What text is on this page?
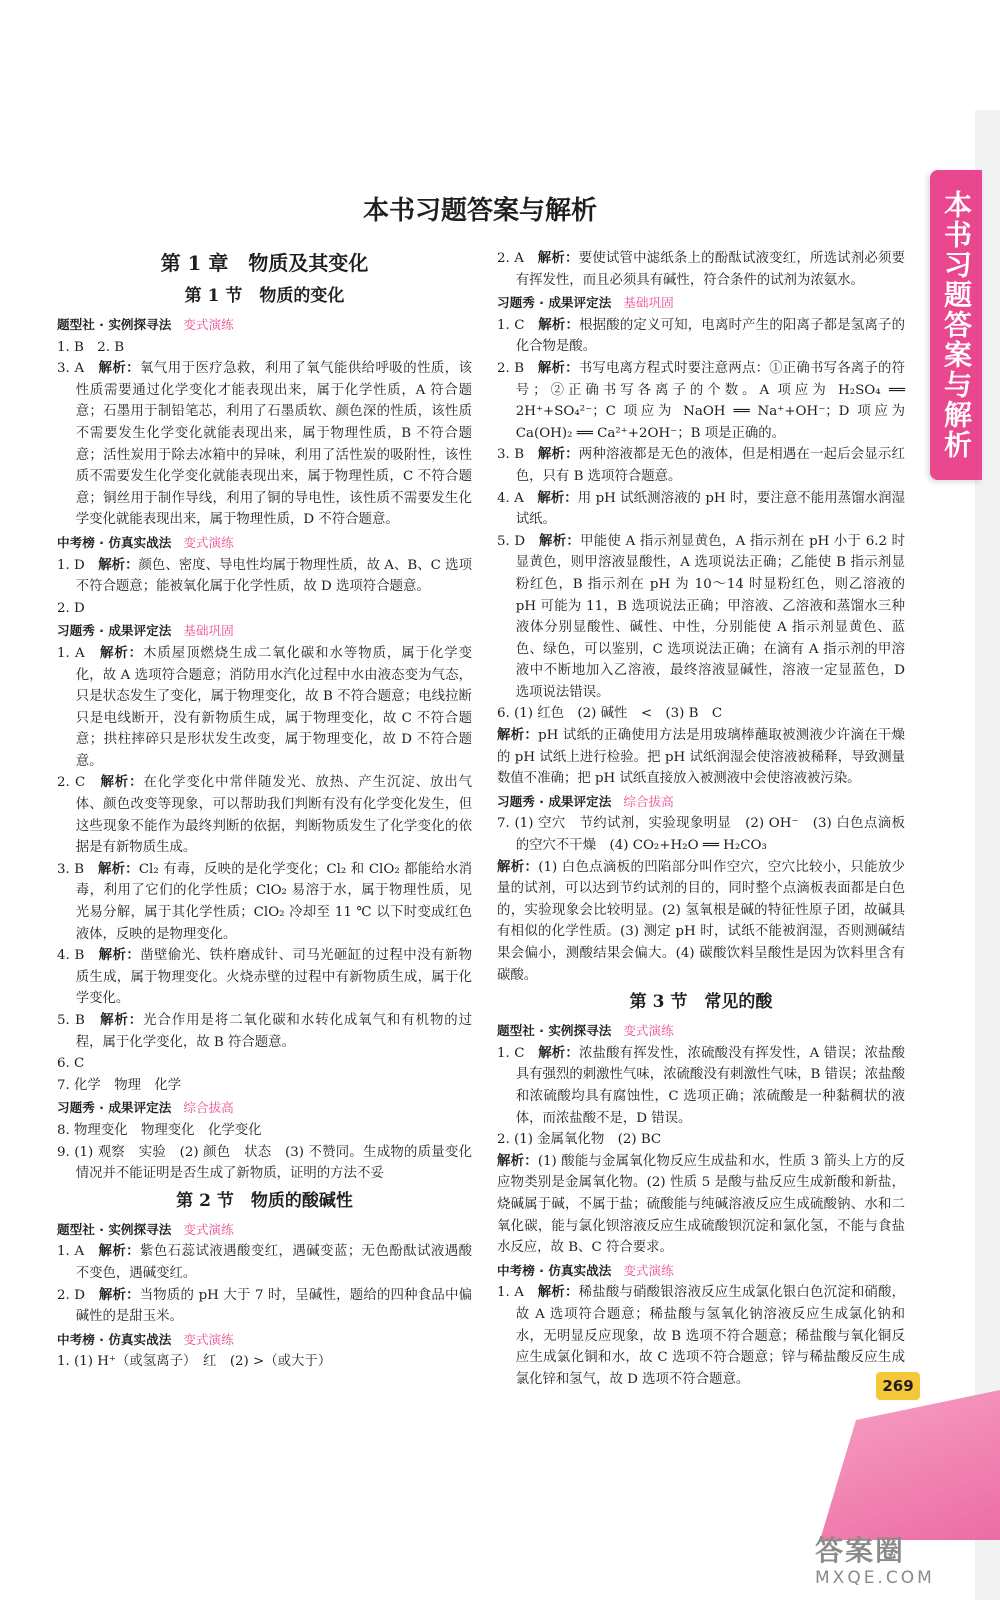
本书习题答案与解析
本书习题答案与解析
第 1 章　物质及其变化
第 1 节　物质的变化
题型社 · 实例探寻法 变式演练

1. B　2. B

3. A　 解析：氧气用于医疗急救，利用了氧气能供给呼吸的性质，该性质需要通过化学变化才能表现出来，属于化学性质，A 符合题意；石墨用于制铅笔芯，利用了石墨质软、颜色深的性质，该性质不需要发生化学变化就能表现出来，属于物理性质，B 不符合题意；活性炭用于除去冰箱中的异味，利用了活性炭的吸附性，该性质不需要发生化学变化就能表现出来，属于物理性质，C 不符合题意；铜丝用于制作导线，利用了铜的导电性，该性质不需要发生化学变化就能表现出来，属于物理性质，D 不符合题意。

中考榜 · 仿真实战法 变式演练

1. D　 解析：颜色、密度、导电性均属于物理性质，故 A、B、C 选项不符合题意；能被氧化属于化学性质，故 D 选项符合题意。

2. D

习题秀 · 成果评定法 基础巩固

1. A　 解析：木质屋顶燃烧生成二氧化碳和水等物质，属于化学变化，故 A 选项符合题意；消防用水汽化过程中水由液态变为气态，只是状态发生了变化，属于物理变化，故 B 不符合题意；电线拉断只是电线断开，没有新物质生成，属于物理变化，故 C 不符合题意；拱柱摔碎只是形状发生改变，属于物理变化，故 D 不符合题意。

2. C　 解析：在化学变化中常伴随发光、放热、产生沉淀、放出气体、颜色改变等现象，可以帮助我们判断有没有化学变化发生，但这些现象不能作为最终判断的依据，判断物质发生了化学变化的依据是有新物质生成。

3. B　 解析：Cl₂ 有毒，反映的是化学变化；Cl₂ 和 ClO₂ 都能给水消毒，利用了它们的化学性质；ClO₂ 易溶于水，属于物理性质，见光易分解，属于其化学性质；ClO₂ 冷却至 11 ℃ 以下时变成红色液体，反映的是物理变化。

4. B　 解析：凿壁偷光、铁杵磨成针、司马光砸缸的过程中没有新物质生成，属于物理变化。火烧赤壁的过程中有新物质生成，属于化学变化。

5. B　 解析：光合作用是将二氧化碳和水转化成氧气和有机物的过程，属于化学变化，故 B 符合题意。

6. C

7. 化学　物理　化学

习题秀 · 成果评定法 综合拔高

8. 物理变化　物理变化　化学变化

9. (1) 观察　实验　(2) 颜色　状态　(3) 不赞同。生成物的质量变化情况并不能证明是否生成了新物质，证明的方法不妥

第 2 节　物质的酸碱性
题型社 · 实例探寻法 变式演练

1. A　 解析：紫色石蕊试液遇酸变红，遇碱变蓝；无色酚酞试液遇酸不变色，遇碱变红。

2. D　 解析：当物质的 pH 大于 7 时，呈碱性，题给的四种食品中偏碱性的是甜玉米。

中考榜 · 仿真实战法 变式演练

1. (1) H⁺（或氢离子）　红　(2) >（或大于）

2. A　 解析：要使试管中滤纸条上的酚酞试液变红，所选试剂必须要有挥发性，而且必须具有碱性，符合条件的试剂为浓氨水。

习题秀 · 成果评定法 基础巩固

1. C　 解析：根据酸的定义可知，电离时产生的阳离子都是氢离子的化合物是酸。

2. B　 解析：书写电离方程式时要注意两点：①正确书写各离子的符号；②正确书写各离子的个数。A 项应为 H₂SO₄ ══ 2H⁺+SO₄²⁻；C 项应为 NaOH ══ Na⁺+OH⁻；D 项应为 Ca(OH)₂ ══ Ca²⁺+2OH⁻；B 项是正确的。

3. B　 解析：两种溶液都是无色的液体，但是相遇在一起后会显示红色，只有 B 选项符合题意。

4. A　 解析：用 pH 试纸测溶液的 pH 时，要注意不能用蒸馏水润湿试纸。

5. D　 解析：甲能使 A 指示剂显黄色，A 指示剂在 pH 小于 6.2 时显黄色，则甲溶液显酸性，A 选项说法正确；乙能使 B 指示剂显粉红色，B 指示剂在 pH 为 10～14 时显粉红色，则乙溶液的 pH 可能为 11，B 选项说法正确；甲溶液、乙溶液和蒸馏水三种液体分别显酸性、碱性、中性，分别能使 A 指示剂显黄色、蓝色、绿色，可以鉴别，C 选项说法正确；在滴有 A 指示剂的甲溶液中不断地加入乙溶液，最终溶液显碱性，溶液一定显蓝色，D 选项说法错误。

6. (1) 红色　(2) 碱性　<　(3) B　C

解析：pH 试纸的正确使用方法是用玻璃棒蘸取被测液少许滴在干燥的 pH 试纸上进行检验。把 pH 试纸润湿会使溶液被稀释，导致测量数值不准确；把 pH 试纸直接放入被测液中会使溶液被污染。

习题秀 · 成果评定法 综合拔高

7. (1) 空穴　节约试剂，实验现象明显　(2) OH⁻　(3) 白色点滴板的空穴不干燥　(4) CO₂+H₂O ══ H₂CO₃

解析：(1) 白色点滴板的凹陷部分叫作空穴，空穴比较小，只能放少量的试剂，可以达到节约试剂的目的，同时整个点滴板表面都是白色的，实验现象会比较明显。(2) 氢氧根是碱的特征性原子团，故碱具有相似的化学性质。(3) 测定 pH 时，试纸不能被润湿，否则测碱结果会偏小，测酸结果会偏大。(4) 碳酸饮料呈酸性是因为饮料里含有碳酸。

第 3 节　常见的酸
题型社 · 实例探寻法 变式演练

1. C　 解析：浓盐酸有挥发性，浓硫酸没有挥发性，A 错误；浓盐酸具有强烈的刺激性气味，浓硫酸没有刺激性气味，B 错误；浓盐酸和浓硫酸均具有腐蚀性，C 选项正确；浓硫酸是一种黏稠状的液体，而浓盐酸不是，D 错误。

2. (1) 金属氧化物　(2) BC

解析：(1) 酸能与金属氧化物反应生成盐和水，性质 3 箭头上方的反应物类别是金属氧化物。(2) 性质 5 是酸与盐反应生成新酸和新盐，烧碱属于碱，不属于盐；硫酸能与纯碱溶液反应生成硫酸钠、水和二氧化碳，能与氯化钡溶液反应生成硫酸钡沉淀和氯化氢，不能与食盐水反应，故 B、C 符合要求。

中考榜 · 仿真实战法 变式演练

1. A　 解析：稀盐酸与硝酸银溶液反应生成氯化银白色沉淀和硝酸，故 A 选项符合题意；稀盐酸与氢氧化钠溶液反应生成氯化钠和水，无明显反应现象，故 B 选项不符合题意；稀盐酸与氧化铜反应生成氯化铜和水，故 C 选项不符合题意；锌与稀盐酸反应生成氯化锌和氢气，故 D 选项不符合题意。	269
答案圈
MXQE.COM
